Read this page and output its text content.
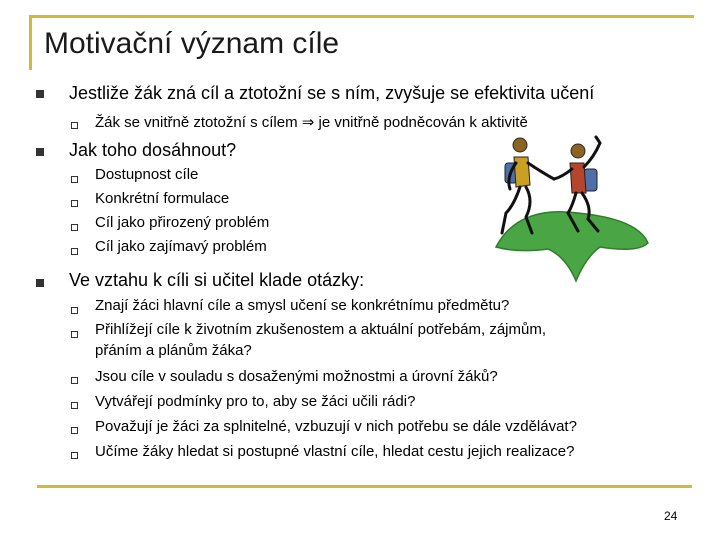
Motivační význam cíle
Jestliže žák zná cíl a ztotožní se s ním, zvyšuje se efektivita učení
Žák se vnitřně ztotožní s cílem ⇒ je vnitřně podněcován k aktivitě
Jak toho dosáhnout?
Dostupnost cíle
Konkrétní formulace
Cíl jako přirozený problém
Cíl jako zajímavý problém
Ve vztahu k cíli si učitel klade otázky:
Znají žáci hlavní cíle a smysl učení se konkrétnímu předmětu?
Přihlížejí cíle k životním zkušenostem a aktuální potřebám, zájmům,
přáním a plánům žáka?
Jsou cíle v souladu s dosaženými možnostmi a úrovní žáků?
Vytvářejí podmínky pro to, aby se žáci učili rádi?
Považují je žáci za splnitelné, vzbuzují v nich potřebu se dále vzdělávat?
Učíme žáky hledat si postupné vlastní cíle, hledat cestu jejich realizace?
24
